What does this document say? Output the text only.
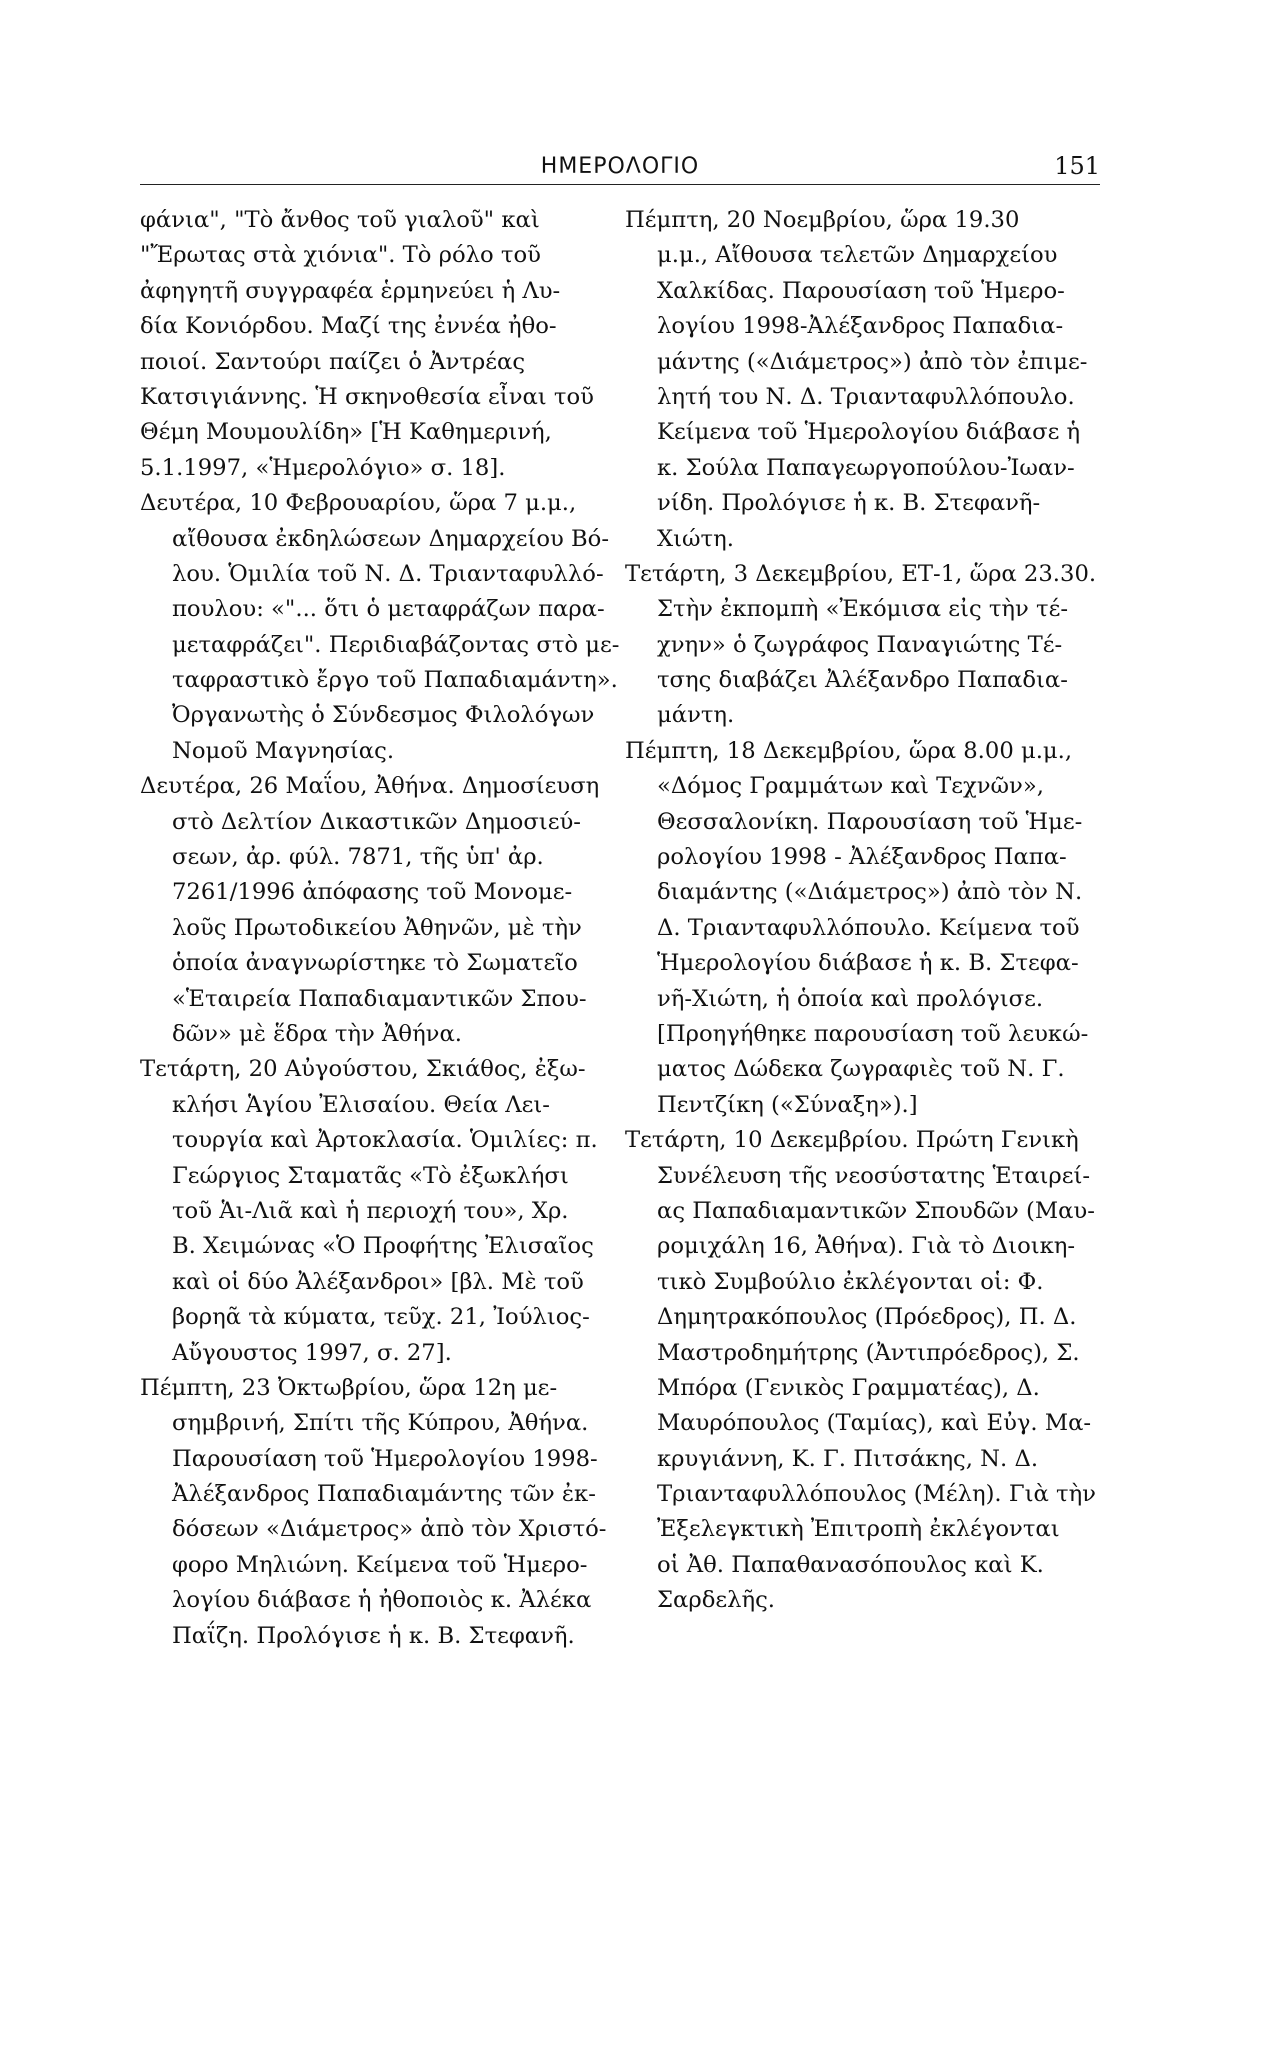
ΗΜΕΡΟΛΟΓΙΟ	151
φάνια", "Τὸ ἄνθος τοῦ γιαλοῦ" καὶ
"Ἔρωτας στὰ χιόνια". Τὸ ρόλο τοῦ
ἀφηγητῆ συγγραφέα ἑρμηνεύει ἡ Λυ-
δία Κονιόρδου. Μαζί της ἐννέα ἠθο-
ποιοί. Σαντούρι παίζει ὁ Ἀντρέας
Κατσιγιάννης. Ἡ σκηνοθεσία εἶναι τοῦ
Θέμη Μουμουλίδη» [Ἡ Καθημερινή,
5.1.1997, «Ἡμερολόγιο» σ. 18].
Δευτέρα, 10 Φεβρουαρίου, ὥρα 7 μ.μ.,
αἴθουσα ἐκδηλώσεων Δημαρχείου Βό-
λου. Ὁμιλία τοῦ Ν. Δ. Τριανταφυλλό-
πουλου: «"... ὅτι ὁ μεταφράζων παρα-
μεταφράζει". Περιδιαβάζοντας στὸ με-
ταφραστικὸ ἔργο τοῦ Παπαδιαμάντη».
Ὀργανωτὴς ὁ Σύνδεσμος Φιλολόγων
Νομοῦ Μαγνησίας.
Δευτέρα, 26 Μαΐου, Ἀθήνα. Δημοσίευση
στὸ Δελτίον Δικαστικῶν Δημοσιεύ-
σεων, ἀρ. φύλ. 7871, τῆς ὑπ' ἀρ.
7261/1996 ἀπόφασης τοῦ Μονομε-
λοῦς Πρωτοδικείου Ἀθηνῶν, μὲ τὴν
ὁποία ἀναγνωρίστηκε τὸ Σωματεῖο
«Ἑταιρεία Παπαδιαμαντικῶν Σπου-
δῶν» μὲ ἕδρα τὴν Ἀθήνα.
Τετάρτη, 20 Αὐγούστου, Σκιάθος, ἐξω-
κλήσι Ἁγίου Ἐλισαίου. Θεία Λει-
τουργία καὶ Ἀρτοκλασία. Ὁμιλίες: π.
Γεώργιος Σταματᾶς «Τὸ ἐξωκλήσι
τοῦ Ἁι-Λιᾶ καὶ ἡ περιοχή του», Χρ.
Β. Χειμώνας «Ὁ Προφήτης Ἐλισαῖος
καὶ οἱ δύο Ἀλέξανδροι» [βλ. Μὲ τοῦ
βορηᾶ τὰ κύματα, τεῦχ. 21, Ἰούλιος-
Αὔγουστος 1997, σ. 27].
Πέμπτη, 23 Ὀκτωβρίου, ὥρα 12η με-
σημβρινή, Σπίτι τῆς Κύπρου, Ἀθήνα.
Παρουσίαση τοῦ Ἡμερολογίου 1998-
Ἀλέξανδρος Παπαδιαμάντης τῶν ἐκ-
δόσεων «Διάμετρος» ἀπὸ τὸν Χριστό-
φορο Μηλιώνη. Κείμενα τοῦ Ἡμερο-
λογίου διάβασε ἡ ἠθοποιὸς κ. Ἀλέκα
Παΐζη. Προλόγισε ἡ κ. Β. Στεφανῆ.
Πέμπτη, 20 Νοεμβρίου, ὥρα 19.30
μ.μ., Αἴθουσα τελετῶν Δημαρχείου
Χαλκίδας. Παρουσίαση τοῦ Ἡμερο-
λογίου 1998-Ἀλέξανδρος Παπαδια-
μάντης («Διάμετρος») ἀπὸ τὸν ἐπιμε-
λητή του Ν. Δ. Τριανταφυλλόπουλο.
Κείμενα τοῦ Ἡμερολογίου διάβασε ἡ
κ. Σούλα Παπαγεωργοπούλου-Ἰωαν-
νίδη. Προλόγισε ἡ κ. Β. Στεφανῆ-
Χιώτη.
Τετάρτη, 3 Δεκεμβρίου, ΕΤ-1, ὥρα 23.30.
Στὴν ἐκπομπὴ «Ἐκόμισα εἰς τὴν τέ-
χνην» ὁ ζωγράφος Παναγιώτης Τέ-
τσης διαβάζει Ἀλέξανδρο Παπαδια-
μάντη.
Πέμπτη, 18 Δεκεμβρίου, ὥρα 8.00 μ.μ.,
«Δόμος Γραμμάτων καὶ Τεχνῶν»,
Θεσσαλονίκη. Παρουσίαση τοῦ Ἡμε-
ρολογίου 1998 - Ἀλέξανδρος Παπα-
διαμάντης («Διάμετρος») ἀπὸ τὸν Ν.
Δ. Τριανταφυλλόπουλο. Κείμενα τοῦ
Ἡμερολογίου διάβασε ἡ κ. Β. Στεφα-
νῆ-Χιώτη, ἡ ὁποία καὶ προλόγισε.
[Προηγήθηκε παρουσίαση τοῦ λευκώ-
ματος Δώδεκα ζωγραφιὲς τοῦ Ν. Γ.
Πεντζίκη («Σύναξη»).]
Τετάρτη, 10 Δεκεμβρίου. Πρώτη Γενικὴ
Συνέλευση τῆς νεοσύστατης Ἑταιρεί-
ας Παπαδιαμαντικῶν Σπουδῶν (Μαυ-
ρομιχάλη 16, Ἀθήνα). Γιὰ τὸ Διοικη-
τικὸ Συμβούλιο ἐκλέγονται οἱ: Φ.
Δημητρακόπουλος (Πρόεδρος), Π. Δ.
Μαστροδημήτρης (Ἀντιπρόεδρος), Σ.
Μπόρα (Γενικὸς Γραμματέας), Δ.
Μαυρόπουλος (Ταμίας), καὶ Εὐγ. Μα-
κρυγιάννη, Κ. Γ. Πιτσάκης, Ν. Δ.
Τριανταφυλλόπουλος (Μέλη). Γιὰ τὴν
Ἐξελεγκτικὴ Ἐπιτροπὴ ἐκλέγονται
οἱ Ἀθ. Παπαθανασόπουλος καὶ Κ.
Σαρδελῆς.
